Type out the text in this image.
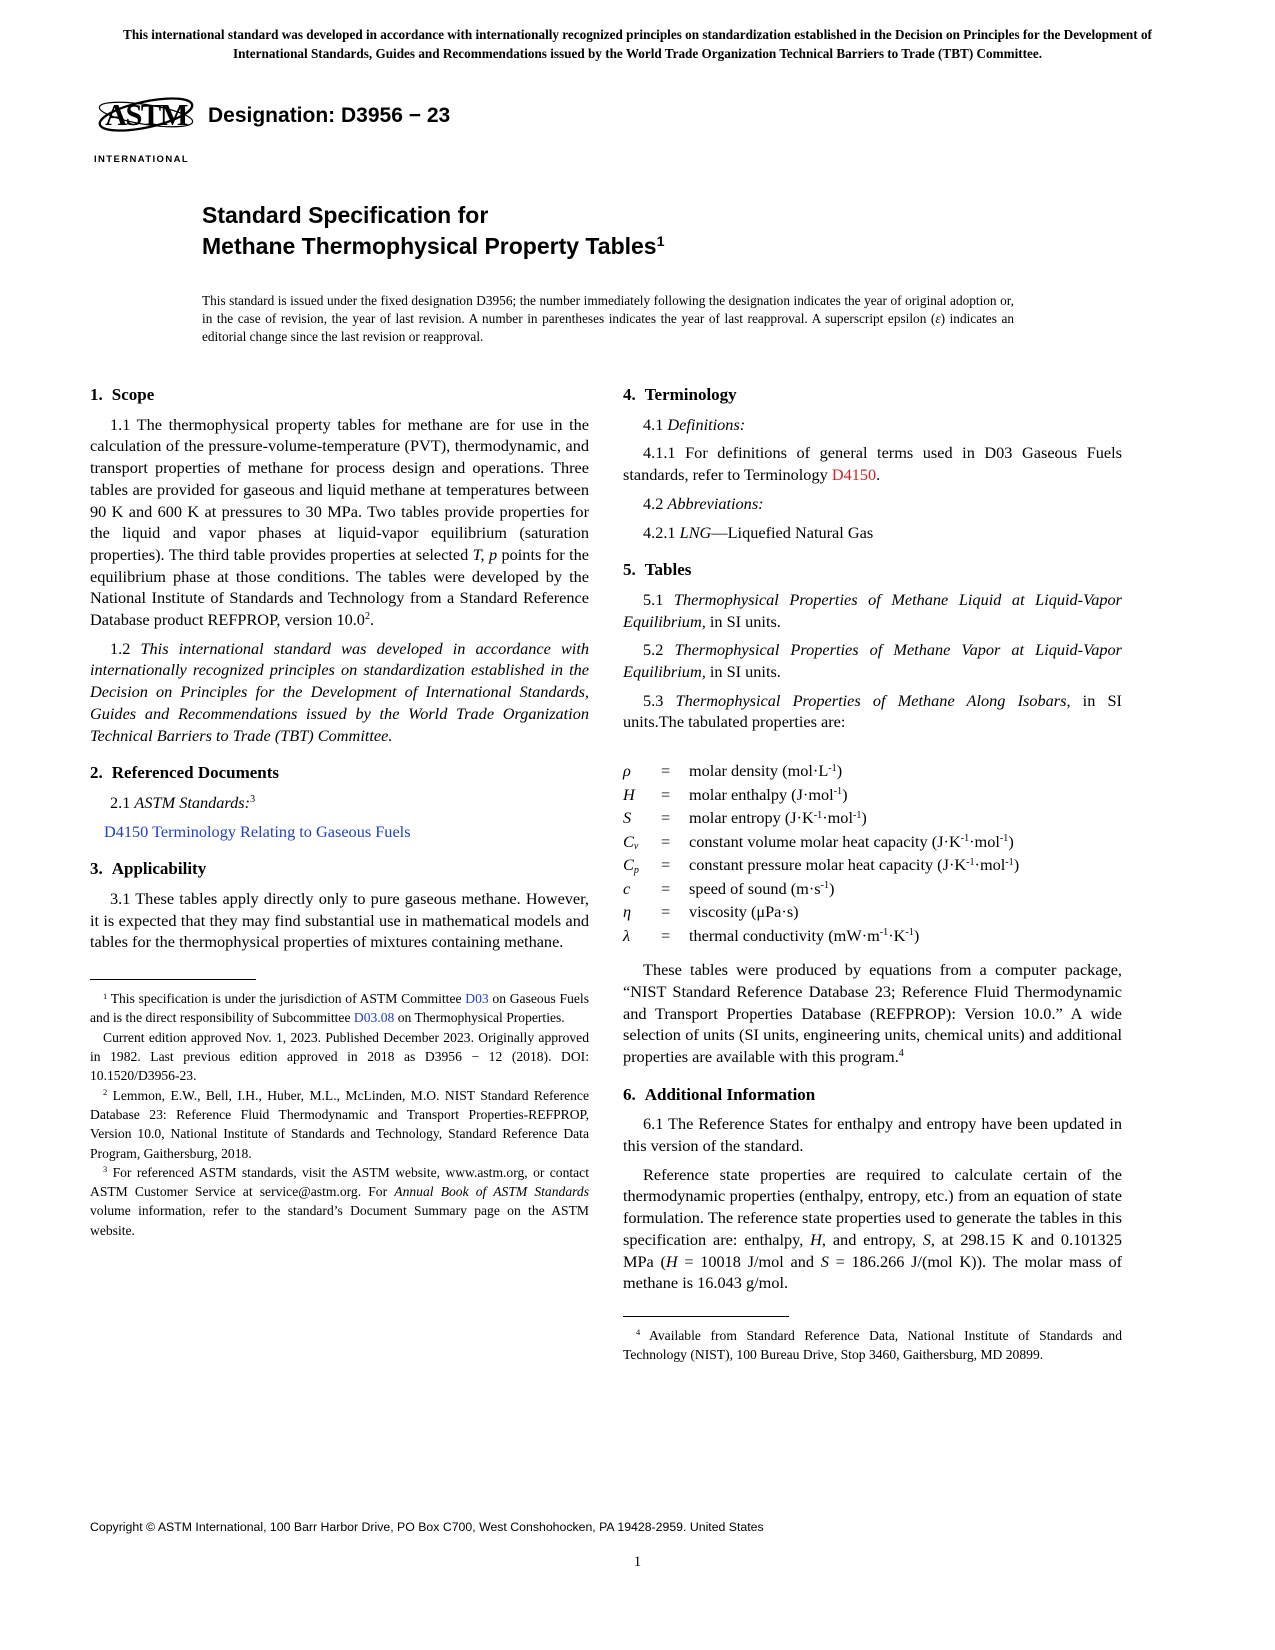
This international standard was developed in accordance with internationally recognized principles on standardization established in the Decision on Principles for the Development of International Standards, Guides and Recommendations issued by the World Trade Organization Technical Barriers to Trade (TBT) Committee.
ASTM
INTERNATIONAL
Designation: D3956 − 23
Standard Specification for
Methane Thermophysical Property Tables$^1$
This standard is issued under the fixed designation D3956; the number immediately following the designation indicates the year of original adoption or, in the case of revision, the year of last revision. A number in parentheses indicates the year of last reapproval. A superscript epsilon (ε) indicates an editorial change since the last revision or reapproval.
1. Scope

1.1 The thermophysical property tables for methane are for use in the calculation of the pressure-volume-temperature (PVT), thermodynamic, and transport properties of methane for process design and operations. Three tables are provided for gaseous and liquid methane at temperatures between 90 K and 600 K at pressures to 30 MPa. Two tables provide properties for the liquid and vapor phases at liquid-vapor equilibrium (saturation properties). The third table provides properties at selected T, p points for the equilibrium phase at those conditions. The tables were developed by the National Institute of Standards and Technology from a Standard Reference Database product REFPROP, version 10.0$^2$.

1.2 This international standard was developed in accordance with internationally recognized principles on standardization established in the Decision on Principles for the Development of International Standards, Guides and Recommendations issued by the World Trade Organization Technical Barriers to Trade (TBT) Committee.

2. Referenced Documents

2.1 ASTM Standards:$^3$

D4150 Terminology Relating to Gaseous Fuels

3. Applicability

3.1 These tables apply directly only to pure gaseous methane. However, it is expected that they may find substantial use in mathematical models and tables for the thermophysical properties of mixtures containing methane.

$^1$ This specification is under the jurisdiction of ASTM Committee D03 on Gaseous Fuels and is the direct responsibility of Subcommittee D03.08 on Thermophysical Properties.

Current edition approved Nov. 1, 2023. Published December 2023. Originally approved in 1982. Last previous edition approved in 2018 as D3956 − 12 (2018). DOI: 10.1520/D3956-23.

$^2$ Lemmon, E.W., Bell, I.H., Huber, M.L., McLinden, M.O. NIST Standard Reference Database 23: Reference Fluid Thermodynamic and Transport Properties-REFPROP, Version 10.0, National Institute of Standards and Technology, Standard Reference Data Program, Gaithersburg, 2018.

$^3$ For referenced ASTM standards, visit the ASTM website, www.astm.org, or contact ASTM Customer Service at service@astm.org. For Annual Book of ASTM Standards volume information, refer to the standard’s Document Summary page on the ASTM website.

4. Terminology

4.1 Definitions:

4.1.1 For definitions of general terms used in D03 Gaseous Fuels standards, refer to Terminology D4150.

4.2 Abbreviations:

4.2.1 LNG—Liquefied Natural Gas

5. Tables

5.1 Thermophysical Properties of Methane Liquid at Liquid-Vapor Equilibrium, in SI units.

5.2 Thermophysical Properties of Methane Vapor at Liquid-Vapor Equilibrium, in SI units.

5.3 Thermophysical Properties of Methane Along Isobars, in SI units.The tabulated properties are:

ρ	=	molar density $(mol\cdot L^{-1})$
H	=	molar enthalpy (J·mol$^{-1}$)
S	=	molar entropy $(J\cdot K^{-1}\cdot mol^{-1})$
Cv	=	constant volume molar heat capacity $(J\cdot K^{-1}\cdot mol^{-1})$
Cp	=	constant pressure molar heat capacity $(J\cdot K^{-1}\cdot mol^{-1})$
c	=	speed of sound $(m\cdot s^{-1})$
η	=	viscosity (μPa·s)
λ	=	thermal conductivity $(mW\cdot m^{-1}\cdot K^{-1})$

These tables were produced by equations from a computer package, “NIST Standard Reference Database 23; Reference Fluid Thermodynamic and Transport Properties Database (REFPROP): Version 10.0.” A wide selection of units (SI units, engineering units, chemical units) and additional properties are available with this program.$^4$

6. Additional Information

6.1 The Reference States for enthalpy and entropy have been updated in this version of the standard.

Reference state properties are required to calculate certain of the thermodynamic properties (enthalpy, entropy, etc.) from an equation of state formulation. The reference state properties used to generate the tables in this specification are: enthalpy, H, and entropy, S, at 298.15 K and 0.101325 MPa (H = 10018 J/mol and S = 186.266 J/(mol K)). The molar mass of methane is 16.043 g/mol.

$^4$ Available from Standard Reference Data, National Institute of Standards and Technology (NIST), 100 Bureau Drive, Stop 3460, Gaithersburg, MD 20899.

Copyright © ASTM International, 100 Barr Harbor Drive, PO Box C700, West Conshohocken, PA 19428-2959. United States
1
